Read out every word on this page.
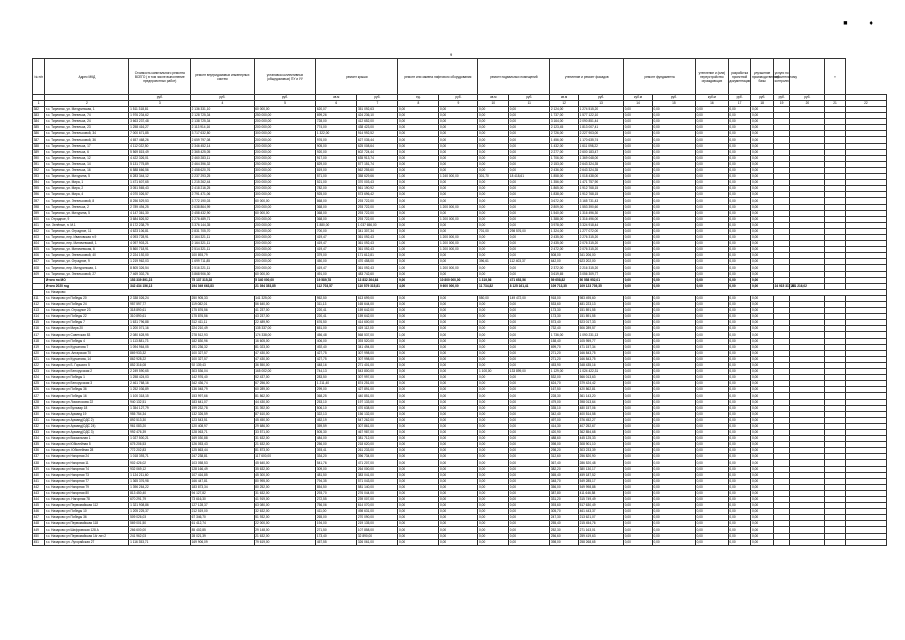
■ ♦
9
№ п/п	Адрес МКД	Стоимость капитального ремонта ВСЕГО ( в том числе выполнение предпроектных работ)	ремонт внутридомовых инженерных систем	установка коллективных (общедомовых) ПУ и УУ	ремонт крыши		ремонт или замена лифтового оборудования		ремонт подвальных помещений		утепление и ремонт фасадов		ремонт фундамента		утепление и (или) переустройство ограждающих	разработка проектной документации	улучшение производственной базы	услуги по строительному контролю		т	
		руб.	руб.	руб.	кв.м	руб.	ед.	руб.	кв.м	руб.	кв.м	руб.	куб.м	руб.	куб.м	руб.	руб.	руб.	руб.		
1	2	3	4	5	6	7	8	9	10	11	12	13	14	15	16	17	18	19	20	21	22
382	г.о. Тирлянск, ул. Мичуринская, 1	1 511 318,81	2 136 331,10	60 000,00	620,07	351 092,63	0,00	0,00	0,00	0,00	2 124,00	1 274 515,20	0,00	0,00	0,00	0,00	0,00				
383	г.о. Тирлянск, ул. Энгельса, 74	1 976 234,62	2 128 725,34	250 000,00	699,26	424 236,10	0,00	0,00	0,00	0,00	1 737,00	1 577 122,10	0,00	0,00	0,00	0,00	0,00				
384	г.о. Тирлянск, ул. Энгельса, 24	3 663 237,48	2 138 725,34	200 000,00	728,00	412 652,00	0,00	0,00	0,00	0,00	3 164,00	2 090 851,44	0,00	0,00	0,00	0,00	0,00				
385	г.о. Тирлянск, ул. Энгельса, 23	1 258 416,27	2 113 914,16	200 000,00	774,00	438 423,00	0,00	0,00	0,00	0,00	2 123,45	1 813 007,41	0,00	0,00	0,00	0,00	0,00				
386	г.о. Тирлянск, ул. Энгельсовой, 34	7 000 671,85	3 717 632,80	300 000,00	1 322,00	914 992,52	0,00	0,00	0,00	0,00	2 726,00	2 227 903,00	0,00	0,00	0,00	0,00	0,00				
387	г.о. Тирлянск, ул. Энгельсовой, 36	4 657 468,26	2 659 797,08	200 000,00	976,00	627 035,44	0,00	0,00	0,00	0,00	1 456,00	1 170 635,74	0,00	0,00	0,00	0,00	0,00				
388	г.о. Тирлянск, ул. Энгельса, 17	4 112 022,50	2 346 452,14	200 000,00	905,00	625 008,64	0,00	0,00	0,00	0,00	1 432,00	1 611 098,22	0,00	0,00	0,00	0,00	0,00				
389	г.о. Тирлянск, ул. Энгельса, 6	5 569 815,49	2 365 425,05	200 000,00	920,00	602 724,44	0,00	0,00	0,00	0,00	2 277,00	2 600 183,47	0,00	0,00	0,00	0,00	0,00				
390	г.о. Тирлянск, ул. Энгельса, 12	4 422 326,01	2 460 283,11	200 000,00	917,00	635 913,74	0,00	0,00	0,00	0,00	1 706,00	1 369 048,00	0,00	0,00	0,00	0,00	0,00				
391	г.о. Тирлянск, ул. Энгельса, 14	5 131 775,89	2 464 396,32	250 000,00	829,00	577 151,74	0,00	0,00	0,00	0,00	2 153,00	2 643 324,35	0,00	0,00	0,00	0,00	0,00				
392	г.о. Тирлянск, ул. Энгельса, 16	6 588 666,56	2 458 620,76	300 000,00	819,00	562 255,60	0,00	0,00	0,00	0,00	2 436,00	2 643 324,35	0,00	0,00	0,00	0,00	0,00				
393	г.о. Тирлянск, ул. Мичурина, 5	6 283 344,12	2 237 293,25	200 000,00	571,00	358 629,66	1,00	1 240 000,00	301,70	18 418,61	1 858,00	1 018 438,00	0,00	0,00	0,00	0,00	0,00				
394	г.о. Тирлянск, ул. Мира, 1	1 471 607,65	1 215 262,44	200 000,00	521,00	370 003,43	0,00	0,00	0,00	0,00	1 356,00	1 471 757,90	0,00	0,00	0,00	0,00	0,00				
395	г.о. Тирлянск, ул. Мира, 2	3 051 565,43	2 418 216,25	200 000,00	782,00	561 190,92	0,00	0,00	0,00	0,00	1 865,00	1 912 768,15	0,00	0,00	0,00	0,00	0,00				
396	г.о. Тирлянск, ул. Мира, 4	4 070 026,57	2 791 471,06	300 000,00	925,00	573 696,42	0,00	0,00	0,00	0,00	1 838,00	1 912 768,15	0,00	0,00	0,00	0,00	0,00				
397	г.о. Тирлянск, ул. Энгельсовой, 8	8 256 529,53	3 772 190,03	60 000,00	868,00	293 722,00	0,00	0,00	0,00	0,00	3 672,00	3 165 731,43	0,00	0,00	0,00	0,00	0,00				
398	г.о. Тирлянск, ул. Энгельса, 2	2 789 494,25	2 638 864,99	200 000,00	368,00	293 722,00	1,00	1 200 000,00	0,00	0,00	2 809,00	1 553 390,60	0,00	0,00	0,00	0,00	0,00				
399	г.о. Тирлянск, ул. Мичурина, 5	4 147 361,30	2 458 432,90	60 000,00	368,00	293 722,00	0,00	0,00	0,00	0,00	1 540,00	1 316 496,30	0,00	0,00	0,00	0,00	0,00				
400	г.о. Отрадное, 9	3 684 826,52	2 276 489,71	200 000,00	368,00	293 722,00	1,00	1 200 000,00	0,00	0,00	1 388,00	1 316 496,00	0,00	0,00	0,00	0,00	0,00				
401	п.п. Зелёные, п. М.1	8 172 238,79	3 376 144,35	200 000,00	1 880,00	1 037 656,00	0,00	0,00	0,00	0,00	3 978,00	3 324 918,44	0,00	0,00	0,00	0,00	0,00				
402	г.о. Тирлянск, ул. Отрадное, 11	4 623 106,81	2 831 705,70	250 000,00	700,00	341 307,34	0,00	0,00	701,00	298 576,00	1 324,00	1 277 072,00	0,00	0,00	0,00	0,00	0,00				
403	г.о. Тирлянск, пер. Ивановская п.9	4 093 728,91	2 164 321,11	300 000,00	419,47	361 092,43	1,00	1 200 000,00	0,00	0,00	2 435,00	2 276 315,20	0,00	0,00	0,00	0,00	0,00				
404	г.о. Тирлянск, пер. Миничевский, 1	4 097 903,21	2 164 321,11	200 000,00	419,47	361 092,43	1,00	1 200 000,00	0,00	0,00	2 435,00	2 076 315,20	0,00	0,00	0,00	0,00	0,00				
405	г.о. Тирлянск, ул. Миничевская, 6	5 860 718,91	2 514 321,11	200 000,00	419,47	361 092,43	1,00	1 200 000,00	0,00	0,00	2 472,00	2 076 315,20	0,00	0,00	0,00	0,00	0,00				
406	г.о. Тирлянск, ул. Энгельсовой, 40	2 224 192,00	100 893,79	200 000,00	379,00	171 612,81	0,00	0,00	0,00	0,00	508,00	341 206,00	0,00	0,00	0,00	0,00	0,00				
407	г.о. Тирлянск, ул. Отрадное, 9	1 219 962,03	1 699 711,85	200 000,00	450,00	470 458,00	0,00	0,00	396,61	112 403,37	642,00	623 202,00	0,00	0,00	0,00	0,00	0,00				
408	г.о. Тирлянск, пер. Мичуринская, 1	8 805 326,54	2 516 221,11	200 000,00	419,47	361 092,43	1,00	1 200 000,00	0,00	0,00	2 372,00	2 216 315,20	0,00	0,00	0,00	0,00	0,00				
409	г.о. Тирлянск, ул. Энгельсовой, 27	7 469 302,76	3 868 906,30	60 000,00	491,00	483 742,60	0,00	0,00	0,00	0,00	3 619,65	3 056 309,77	0,00	0,00	0,00	0,00	0,00				
	Итого по МО	153 339 891,23	75 137 315,28	5 340 000,00	19 589,78	13 832 264,64	9,00	10 800 000,00	1 319,56	471 653,56	59 658,82	50 558 952,01	0,00	0,00	0,00	0,00	0,00				
	Итого 2020 год	342 434 156,13	194 049 663,83	21 394 353,85	112 703,57	110 579 315,81	4,00	9 600 000,00	11 734,82	8 125 161,41	109 713,35	109 123 739,35	0,00	0,00	0,00	0,00	0,00	24 915 317,36	271 216,02		
	г.о. Назарово																				
411	г.о. Назарово ул Победы 20	2 338 026,24	250 905,33	141 325,00	952,50	613 699,00	0,00	0,00	550,00	149 472,00	918,00	983 495,60	0,00	0,00	0,00	0,00	0,00				
412	г.о. Назарово ул Победы 24	957 597,77	119 082,01	56 640,00	311,13	165 644,00	0,00	0,00	0,00	0,00	533,60	481 223,13	0,00	0,00	0,00	0,00	0,00				
413	г.о. Назарово ул. Отрадное 23	318 890,61	175 876,56	41 237,00	220,41	159 642,00	0,00	0,00	0,00	0,00	173,30	151 891,55	0,00	0,00	0,00	0,00	0,00				
414	г.о. Назарово ул Победы 22	310 890,61	175 876,56	43 237,00	220,41	159 642,00	0,00	0,00	0,00	0,00	173,30	151 891,55	0,00	0,00	0,00	0,00	0,00				
415	г.о. Назарово ул Победы 7	1 631 796,88	312 411,11	22 489,90	676,50	414 600,00	0,00	0,00	0,00	0,00	573,40	523 017,33	0,00	0,00	0,00	0,00	0,00				
416	г.о. Назарово ул Мира 20	1 200 071,16	224 210,49	135 337,00	651,00	419 112,00	0,00	0,00	0,00	0,00	732,40	506 289,57	0,00	0,00	0,00	0,00	0,00				
417	г.о. Назарово ул Советская 83	2 080 628,95	278 512,93	174 338,00	456,48	568 537,00	1,00	0,00	0,00	0,00	1 736,00	1 090 231,13	0,00	0,00	0,00	0,00	0,00				
418	г.о. Назарово ул Победы 4	1 113 881,73	182 830,96	16 605,00	406,00	393 520,00	0,00	0,00	0,00	0,00	158,40	105 959,77	0,00	0,00	0,00	0,00	0,00				
419	г.о. Назарово ул Курчатова 7	1 094 964,05	191 236,32	81 023,00	492,40	341 494,00	0,00	0,00	0,00	0,00	699,70	471 157,34	0,00	0,00	0,00	0,00	0,00				
420	г.о. Назарово ул. Ангарская 70	869 933,32	100 327,57	47 430,00	427,75	307 998,00	0,00	0,00	0,00	0,00	271,20	166 843,75	0,00	0,00	0,00	0,00	0,00				
421	г.о. Назарово ул Курчатова, 14	862 928,22	100 327,57	47 430,00	427,75	307 998,00	0,00	0,00	0,00	0,00	271,20	166 843,75	0,00	0,00	0,00	0,00	0,00				
422	г.о. Назарово ул Б. Горького 5	852 316,08	92 139,43	36 550,00	448,16	271 401,00	0,00	0,00	0,00	0,00	453,90	348 435,16	0,00	0,00	0,00	0,00	0,00				
423	г.о. Назарово ул Белорусская 2	2 249 590,65	303 536,04	165 002,00	744,13	543 800,00	0,00	0,00	1 100,00	133 899,00	1 129,00	1 024 422,31	0,00	0,00	0,00	0,00	0,00				
424	г.о. Назарово ул Победы 1	1 258 424,03	142 976,40	52 437,00	283,50	307 997,00	0,00	0,00	0,00	0,00	532,00	566 013,63	0,00	0,00	0,00	0,00	0,00				
425	г.о. Назарово ул Белорусская 3	2 461 768,16	342 436,74	67 256,00	1 211,40	874 251,00	0,00	0,00	0,00	0,00	624,70	379 424,42	0,00	0,00	0,00	0,00	0,00				
426	г.о. Назарово ул Победы 36	1 252 036,89	136 048,79	60 289,00	299,00	427 891,00	0,00	0,00	0,00	0,00	167,50	420 862,81	0,00	0,00	0,00	0,00	0,00				
427	г.о. Назарово ул Победы 16	1 100 318,15	153 997,66	81 862,00	368,25	440 851,00	0,00	0,00	0,00	0,00	228,30	361 143,20	0,00	0,00	0,00	0,00	0,00				
428	г.о. Назарово ул Ломоносова 22	940 132,51	183 641,07	44 430,00	253,10	197 133,00	0,00	0,00	0,00	0,00	479,00	398 013,64	0,00	0,00	0,00	0,00	0,00				
429	г.о. Назарово ул Бульвар 18	1 354 127,79	199 232,78	31 392,00	506,10	470 638,00	0,00	0,00	0,00	0,00	335,10	480 157,06	0,00	0,00	0,00	0,00	0,00				
430	г.о. Назарово ул Арманд 19	955 754,34	132 326,59	87 610,00	322,13	156 132,00	0,00	0,00	0,00	0,00	342,40	400 514,58	0,00	0,00	0,00	0,00	0,00				
431	г.о. Назарово ул Арманд(ОДС 2)	892 513,30	123 543,51	45 450,00	452,19	547 262,00	0,00	0,00	0,00	0,00	497,00	376 452,27	0,00	0,00	0,00	0,00	0,00				
432	г.о. Назарово ул Арманд(ОДС 24)	961 083,20	120 408,97	29 686,00	359,59	307 861,00	0,00	0,00	0,00	0,00	414,30	407 252,67	0,00	0,00	0,00	0,00	0,00				
433	г.о. Назарово ул Арманд(ОДС 3)	992 476,39	128 063,71	33 571,00	505,30	467 987,00	0,00	0,00	0,00	0,00	420,90	362 854,68	0,00	0,00	0,00	0,00	0,00				
434	г.о. Назарово ул Вокзальная 1	1 027 500,21	169 030,88	31 632,00	484,00	381 712,00	0,00	0,00	0,00	0,00	488,60	445 125,33	0,00	0,00	0,00	0,00	0,00				
435	г.о. Назарово ул Юбилейная 5	675 206,53	126 053,43	21 632,00	256,00	218 620,00	0,00	0,00	0,00	0,00	398,00	308 901,10	0,00	0,00	0,00	0,00	0,00				
436	г.о. Назарово ул. Юбилейная 28	772 202,83	125 863,44	81 873,00	393,41	261 233,00	0,00	0,00	0,00	0,00	298,20	303 233,39	0,00	0,00	0,00	0,00	0,00				
437	г.о. Назарово ул Нагорная 24	1 018 393,71	247 238,81	117 600,00	334,20	396 734,00	0,00	0,00	0,00	0,00	312,60	256 820,90	0,00	0,00	0,00	0,00	0,00				
438	г.о. Назарово ул Нагорная 11	902 426,02	103 058,53	45 640,00	541,76	471 207,00	0,00	0,00	0,00	0,00	367,40	286 520,48	0,00	0,00	0,00	0,00	0,00				
439	г.о. Назарово ул Нагорная 74	932 069,12	128 166,49	35 632,00	309,00	264 000,00	0,00	0,00	0,00	0,00	382,20	380 130,17	0,00	0,00	0,00	0,00	0,00				
440	г.о. Назарово ул Нагорная 73	1 124 211,60	107 416,85	45 300,00	481,50	383 041,00	0,00	0,00	0,00	0,00	365,40	459 187,52	0,00	0,00	0,00	0,00	0,00				
441	г.о. Назарово ул Нагорная 77	1 365 376,98	166 447,81	80 995,00	794,35	571 043,00	0,00	0,00	0,00	0,00	348,70	549 285,17	0,00	0,00	0,00	0,00	0,00				
442	г.о. Назарово ул Нагорная 79	1 396 264,22	183 873,34	80 252,00	854,50	581 140,00	0,00	0,00	0,00	0,00	356,00	549 998,88	0,00	0,00	0,00	0,00	0,00				
443	г.о. Назарово ул Нагорная 80	813 450,40	94 127,82	31 632,00	293,70	276 044,00	0,00	0,00	0,00	0,00	387,80	411 646,58	0,00	0,00	0,00	0,00	0,00				
444	г.о. Назарово ул. Нагорная 78	670 291,79	73 616,30	41 919,00	272,55	239 007,00	0,00	0,00	0,00	0,00	331,20	315 749,49	0,00	0,00	0,00	0,00	0,00				
445	г.о. Назарово ул Первомайская 112	1 321 908,86	127 128,37	63 080,00	756,06	614 070,00	0,00	0,00	0,00	0,00	393,60	517 630,49	0,00	0,00	0,00	0,00	0,00				
446	г.о. Назарово ул Победы 10	1 205 225,37	212 519,00	32 632,00	411,00	498 631,00	0,00	0,00	0,00	0,00	305,70	461 443,37	0,00	0,00	0,00	0,00	0,00				
447	г.о. Назарово ул Победы 36	509 026,03	67 346,70	51 932,00	265,00	270 090,00	0,00	0,00	0,00	0,00	247,30	213 621,07	0,00	0,00	0,00	0,00	0,00				
448	г.о. Назарово ул Первомайская 118	569 001,50	61 412,74	22 000,00	194,00	219 135,00	0,00	0,00	0,00	0,00	255,40	215 454,76	0,00	0,00	0,00	0,00	0,00				
449	г.о. Назарово ул Шифровская 128 А	266 600,00	85 402,85	29 148,00	271,50	107 858,00	0,00	0,00	0,00	0,00	252,30	271 163,01	0,00	0,00	0,00	0,00	0,00				
450	г.о. Назарово ул Первомайская 14г лит.2	241 962,03	28 021,39	21 632,00	173,40	32 890,00	0,00	0,00	0,00	0,00	256,60	259 419,63	0,00	0,00	0,00	0,00	0,00				
451	г.о. Назарово ул. Лугорайская 27	1 116 353,71	169 906,09	79 619,00	457,55	326 061,00	0,00	0,00	0,00	0,00	398,00	258 268,65	0,00	0,00	0,00	0,00	0,00				
